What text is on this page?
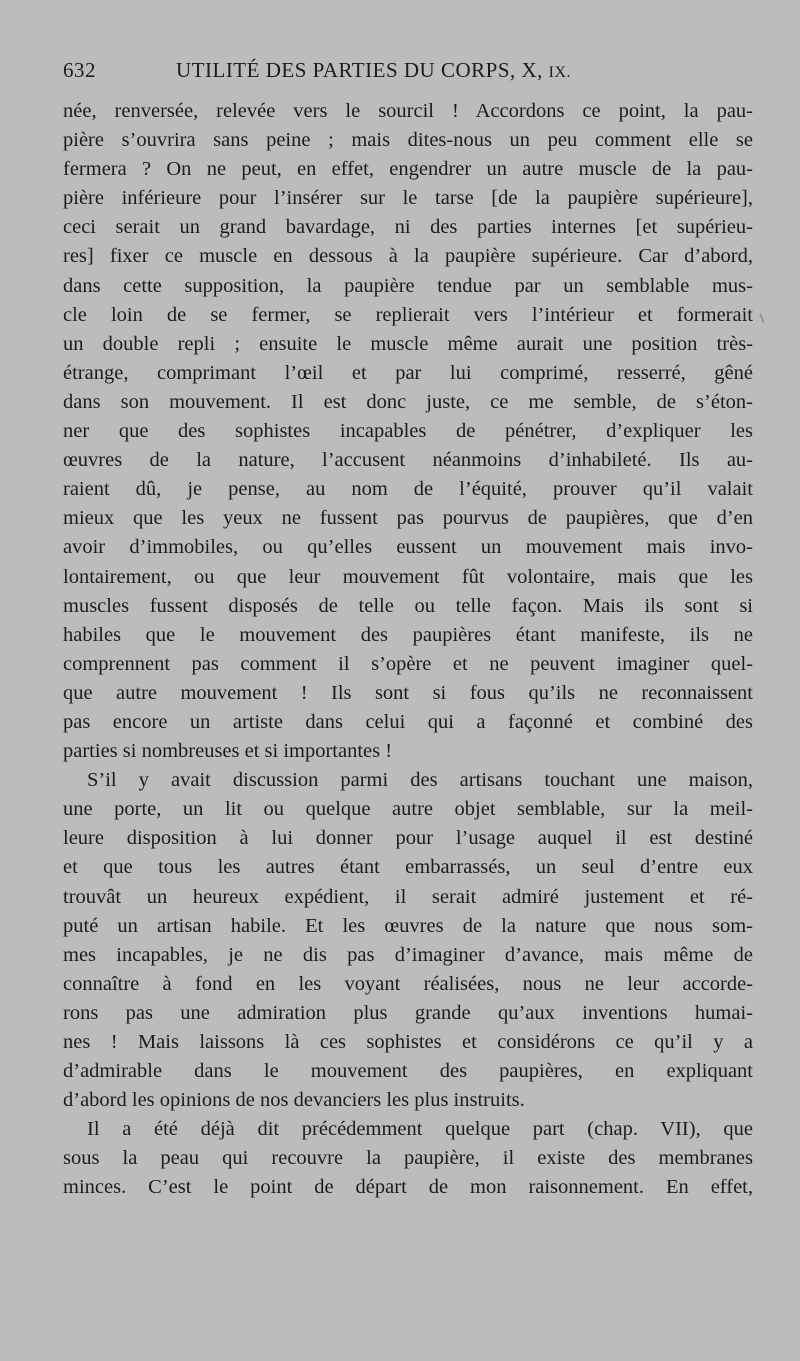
632	UTILITÉ DES PARTIES DU CORPS, X, IX.
\
née, renversée, relevée vers le sourcil ! Accordons ce point, la pau-
pière s’ouvrira sans peine ; mais dites-nous un peu comment elle se
fermera ? On ne peut, en effet, engendrer un autre muscle de la pau-
pière inférieure pour l’insérer sur le tarse [de la paupière supérieure],
ceci serait un grand bavardage, ni des parties internes [et supérieu-
res] fixer ce muscle en dessous à la paupière supérieure. Car d’abord,
dans cette supposition, la paupière tendue par un semblable mus-
cle loin de se fermer, se replierait vers l’intérieur et formerait
un double repli ; ensuite le muscle même aurait une position très-
étrange, comprimant l’œil et par lui comprimé, resserré, gêné
dans son mouvement. Il est donc juste, ce me semble, de s’éton-
ner que des sophistes incapables de pénétrer, d’expliquer les
œuvres de la nature, l’accusent néanmoins d’inhabileté. Ils au-
raient dû, je pense, au nom de l’équité, prouver qu’il valait
mieux que les yeux ne fussent pas pourvus de paupières, que d’en
avoir d’immobiles, ou qu’elles eussent un mouvement mais invo-
lontairement, ou que leur mouvement fût volontaire, mais que les
muscles fussent disposés de telle ou telle façon. Mais ils sont si
habiles que le mouvement des paupières étant manifeste, ils ne
comprennent pas comment il s’opère et ne peuvent imaginer quel-
que autre mouvement ! Ils sont si fous qu’ils ne reconnaissent
pas encore un artiste dans celui qui a façonné et combiné des
parties si nombreuses et si importantes !
S’il y avait discussion parmi des artisans touchant une maison,
une porte, un lit ou quelque autre objet semblable, sur la meil-
leure disposition à lui donner pour l’usage auquel il est destiné
et que tous les autres étant embarrassés, un seul d’entre eux
trouvât un heureux expédient, il serait admiré justement et ré-
puté un artisan habile. Et les œuvres de la nature que nous som-
mes incapables, je ne dis pas d’imaginer d’avance, mais même de
connaître à fond en les voyant réalisées, nous ne leur accorde-
rons pas une admiration plus grande qu’aux inventions humai-
nes ! Mais laissons là ces sophistes et considérons ce qu’il y a
d’admirable dans le mouvement des paupières, en expliquant
d’abord les opinions de nos devanciers les plus instruits.
Il a été déjà dit précédemment quelque part (chap. VII), que
sous la peau qui recouvre la paupière, il existe des membranes
minces. C’est le point de départ de mon raisonnement. En effet,
